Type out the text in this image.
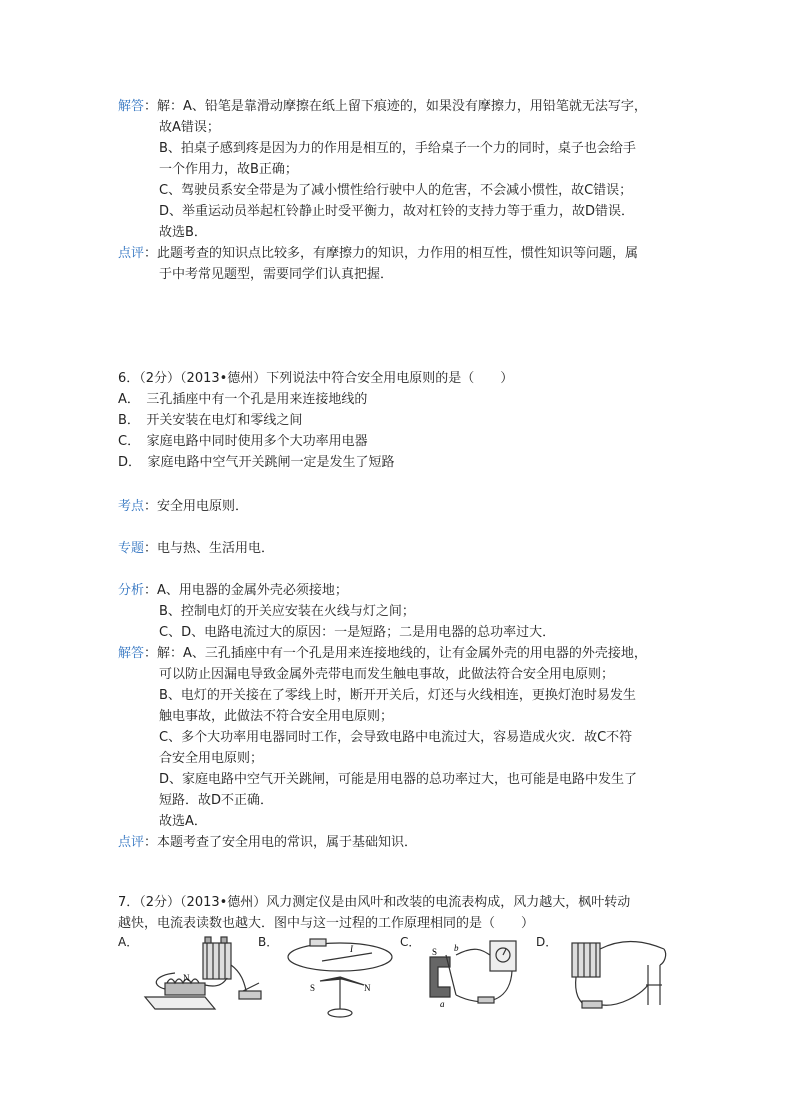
解答 ： 解：A、铅笔是靠滑动摩擦在纸上留下痕迹的，如果没有摩擦力，用铅笔就无法写字，
故A错误；
B、拍桌子感到疼是因为力的作用是相互的，手给桌子一个力的同时，桌子也会给手
一个作用力，故B正确；
C、驾驶员系安全带是为了减小惯性给行驶中人的危害，不会减小惯性，故C错误；
D、举重运动员举起杠铃静止时受平衡力，故对杠铃的支持力等于重力，故D错误．
故选B．
点评 ： 此题考查的知识点比较多，有摩擦力的知识，力作用的相互性，惯性知识等问题，属
于中考常见题型，需要同学们认真把握．
6．（2分）（2013•德州）下列说法中符合安全用电原则的是（　　）
A．　三孔插座中有一个孔是用来连接地线的
B．　开关安装在电灯和零线之间
C．　家庭电路中同时使用多个大功率用电器
D．　家庭电路中空气开关跳闸一定是发生了短路
考点 ： 安全用电原则．
专题 ： 电与热、生活用电．
分析 ： A、用电器的金属外壳必须接地；
B、控制电灯的开关应安装在火线与灯之间；
C、D、电路电流过大的原因：一是短路；二是用电器的总功率过大．
解答 ： 解：A、三孔插座中有一个孔是用来连接地线的，让有金属外壳的用电器的外壳接地，
可以防止因漏电导致金属外壳带电而发生触电事故，此做法符合安全用电原则；
B、电灯的开关接在了零线上时，断开开关后，灯还与火线相连，更换灯泡时易发生
触电事故，此做法不符合安全用电原则；
C、多个大功率用电器同时工作，会导致电路中电流过大，容易造成火灾．故C不符
合安全用电原则；
D、家庭电路中空气开关跳闸，可能是用电器的总功率过大，也可能是电路中发生了
短路．故D不正确．
故选A．
点评 ： 本题考查了安全用电的常识，属于基础知识．
7．（2分）（2013•德州）风力测定仪是由风叶和改装的电流表构成，风力越大，枫叶转动
越快，电流表读数也越大．图中与这一过程的工作原理相同的是（　　）
A．	B．	C．	D．
N
S	N
I	S b
a
